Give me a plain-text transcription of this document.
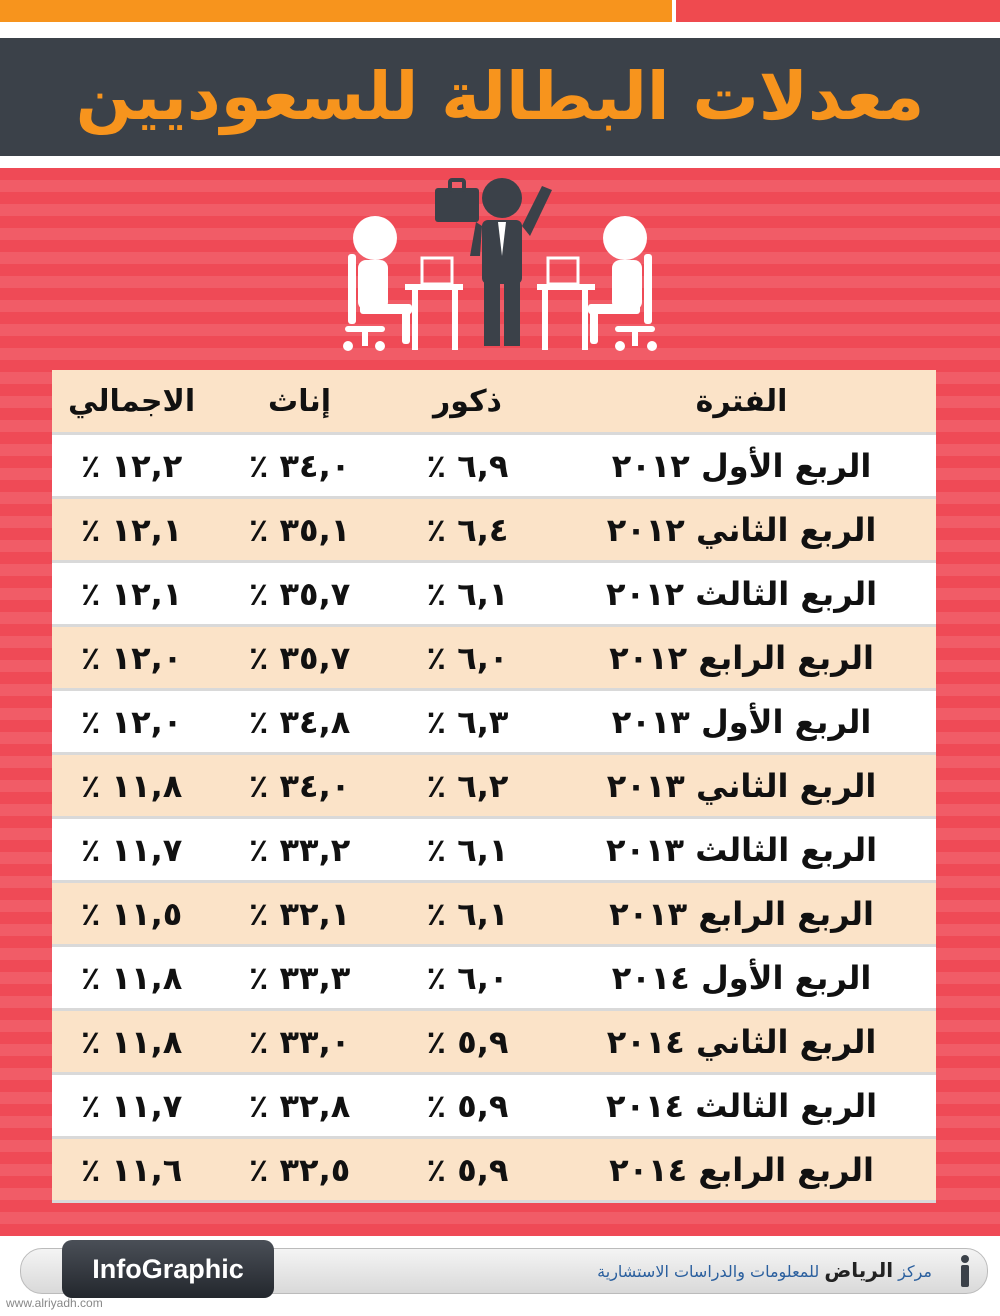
معدلات البطالة للسعوديين
الفترة	ذكور	إناث	الاجمالي
الربع الأول ٢٠١٢	٦,٩ ٪	٣٤,٠ ٪	١٢,٢ ٪
الربع الثاني ٢٠١٢	٦,٤ ٪	٣٥,١ ٪	١٢,١ ٪
الربع الثالث ٢٠١٢	٦,١ ٪	٣٥,٧ ٪	١٢,١ ٪
الربع الرابع ٢٠١٢	٦,٠ ٪	٣٥,٧ ٪	١٢,٠ ٪
الربع الأول ٢٠١٣	٦,٣ ٪	٣٤,٨ ٪	١٢,٠ ٪
الربع الثاني ٢٠١٣	٦,٢ ٪	٣٤,٠ ٪	١١,٨ ٪
الربع الثالث ٢٠١٣	٦,١ ٪	٣٣,٢ ٪	١١,٧ ٪
الربع الرابع ٢٠١٣	٦,١ ٪	٣٢,١ ٪	١١,٥ ٪
الربع الأول ٢٠١٤	٦,٠ ٪	٣٣,٣ ٪	١١,٨ ٪
الربع الثاني ٢٠١٤	٥,٩ ٪	٣٣,٠ ٪	١١,٨ ٪
الربع الثالث ٢٠١٤	٥,٩ ٪	٣٢,٨ ٪	١١,٧ ٪
الربع الرابع ٢٠١٤	٥,٩ ٪	٣٢,٥ ٪	١١,٦ ٪
InfoGraphic	مركز الرياض للمعلومات والدراسات الاستشارية
www.alriyadh.com
